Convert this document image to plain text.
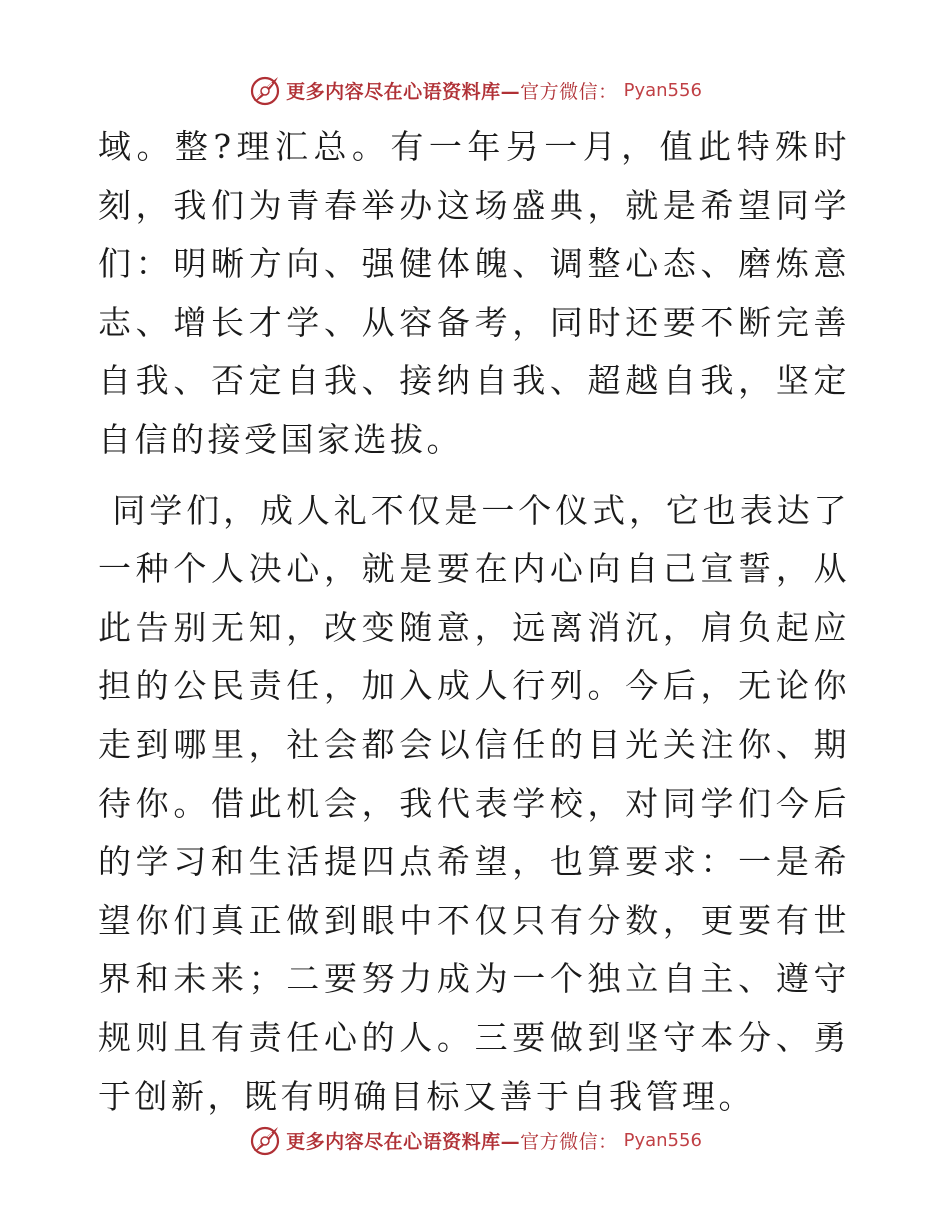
更多内容尽在心语资料库—官方微信： Pyan556

域。整?理汇总。有一年另一月，值此特殊时刻，我们为青春举办这场盛典，就是希望同学们：明晰方向、强健体魄、调整心态、磨炼意志、增长才学、从容备考，同时还要不断完善自我、否定自我、接纳自我、超越自我，坚定自信的接受国家选拔。

同学们，成人礼不仅是一个仪式，它也表达了一种个人决心，就是要在内心向自己宣誓，从此告别无知，改变随意，远离消沉，肩负起应担的公民责任，加入成人行列。今后，无论你走到哪里，社会都会以信任的目光关注你、期待你。借此机会，我代表学校，对同学们今后的学习和生活提四点希望，也算要求：一是希望你们真正做到眼中不仅只有分数，更要有世界和未来；二要努力成为一个独立自主、遵守规则且有责任心的人。三要做到坚守本分、勇于创新，既有明确目标又善于自我管理。

更多内容尽在心语资料库—官方微信： Pyan556
